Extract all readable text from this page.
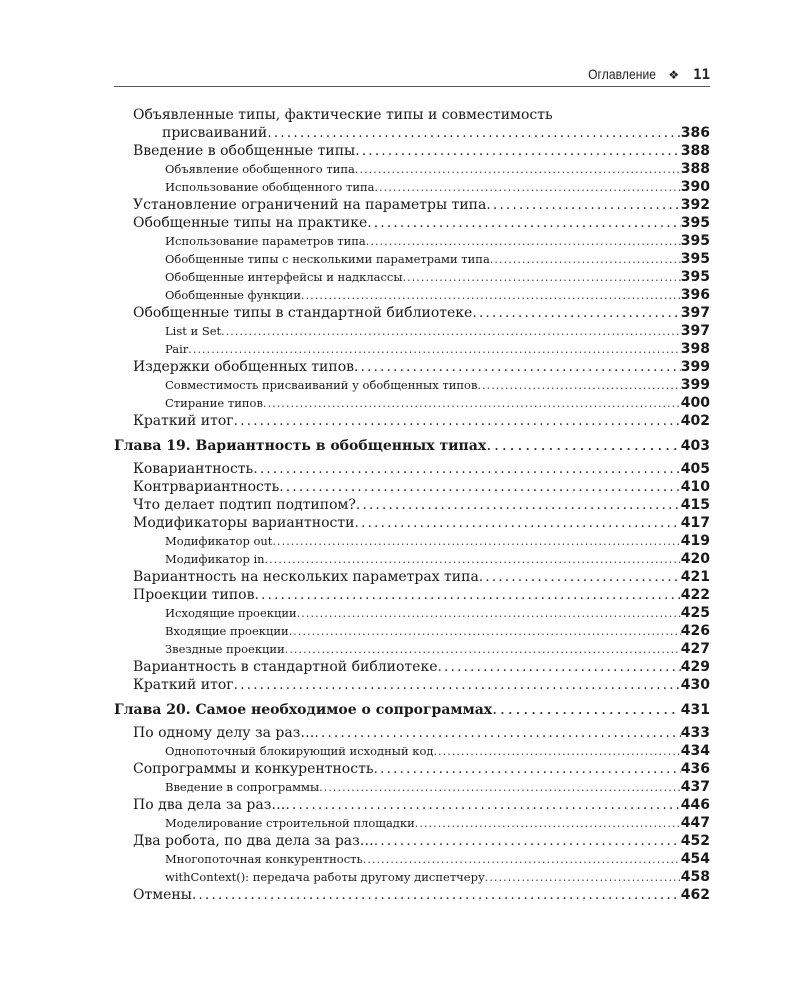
Оглавление ❖ 11
Объявленные типы, фактические типы и совместимость
присваиваний . . .	386
Введение в обобщенные типы . . .	388
Объявление обобщенного типа . . .	388
Использование обобщенного типа . . .	390
Установление ограничений на параметры типа . . .	392
Обобщенные типы на практике . . .	395
Использование параметров типа . . .	395
Обобщенные типы с несколькими параметрами типа . . .	395
Обобщенные интерфейсы и надклассы . . .	395
Обобщенные функции . . .	396
Обобщенные типы в стандартной библиотеке . . .	397
List и Set . . .	397
Pair . . .	398
Издержки обобщенных типов . . .	399
Совместимость присваиваний у обобщенных типов . . .	399
Стирание типов . . .	400
Краткий итог . . .	402
Глава 19. Вариантность в обобщенных типах . . .	403
Ковариантность . . .	405
Контрвариантность . . .	410
Что делает подтип подтипом? . . .	415
Модификаторы вариантности . . .	417
Модификатор out . . .	419
Модификатор in . . .	420
Вариантность на нескольких параметрах типа . . .	421
Проекции типов . . .	422
Исходящие проекции . . .	425
Входящие проекции . . .	426
Звездные проекции . . .	427
Вариантность в стандартной библиотеке . . .	429
Краткий итог . . .	430
Глава 20. Самое необходимое о сопрограммах . . .	431
По одному делу за раз… . . .	433
Однопоточный блокирующий исходный код . . .	434
Сопрограммы и конкурентность . . .	436
Введение в сопрограммы . . .	437
По два дела за раз… . . .	446
Моделирование строительной площадки . . .	447
Два робота, по два дела за раз… . . .	452
Многопоточная конкурентность . . .	454
withContext(): передача работы другому диспетчеру . . .	458
Отмены . . .	462
